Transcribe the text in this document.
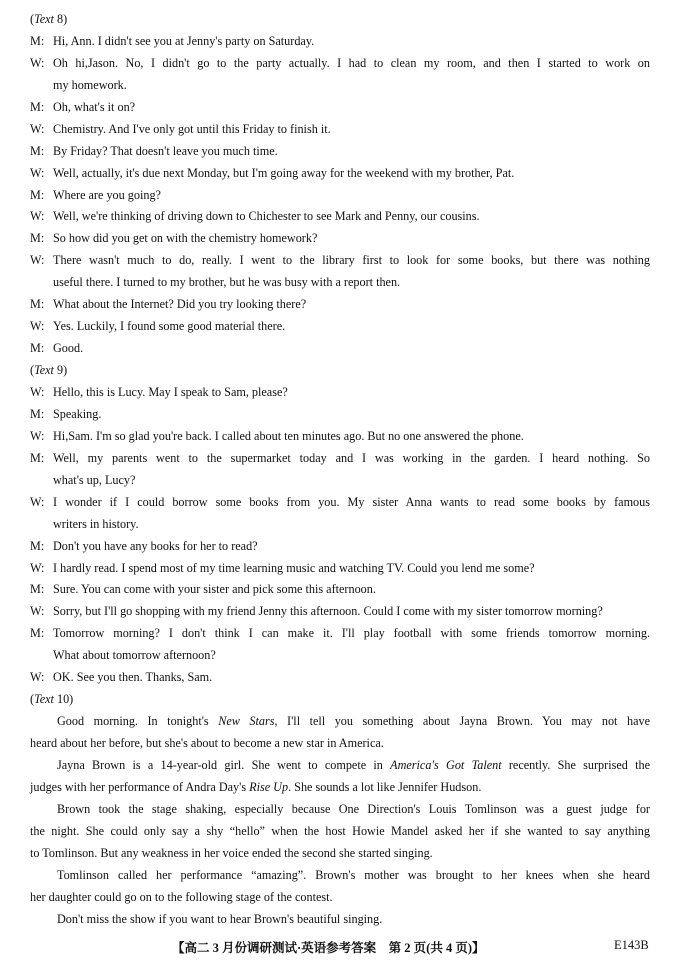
(Text 8)
M: Hi, Ann. I didn't see you at Jenny's party on Saturday.
W: Oh hi,Jason. No, I didn't go to the party actually. I had to clean my room, and then I started to work on
my homework.
M: Oh, what's it on?
W: Chemistry. And I've only got until this Friday to finish it.
M: By Friday? That doesn't leave you much time.
W: Well, actually, it's due next Monday, but I'm going away for the weekend with my brother, Pat.
M: Where are you going?
W: Well, we're thinking of driving down to Chichester to see Mark and Penny, our cousins.
M: So how did you get on with the chemistry homework?
W: There wasn't much to do, really. I went to the library first to look for some books, but there was nothing
useful there. I turned to my brother, but he was busy with a report then.
M: What about the Internet? Did you try looking there?
W: Yes. Luckily, I found some good material there.
M: Good.
(Text 9)
W: Hello, this is Lucy. May I speak to Sam, please?
M: Speaking.
W: Hi,Sam. I'm so glad you're back. I called about ten minutes ago. But no one answered the phone.
M: Well, my parents went to the supermarket today and I was working in the garden. I heard nothing. So
what's up, Lucy?
W: I wonder if I could borrow some books from you. My sister Anna wants to read some books by famous
writers in history.
M: Don't you have any books for her to read?
W: I hardly read. I spend most of my time learning music and watching TV. Could you lend me some?
M: Sure. You can come with your sister and pick some this afternoon.
W: Sorry, but I'll go shopping with my friend Jenny this afternoon. Could I come with my sister tomorrow morning?
M: Tomorrow morning? I don't think I can make it. I'll play football with some friends tomorrow morning.
What about tomorrow afternoon?
W: OK. See you then. Thanks, Sam.
(Text 10)
Good morning. In tonight's New Stars, I'll tell you something about Jayna Brown. You may not have
heard about her before, but she's about to become a new star in America.
Jayna Brown is a 14-year-old girl. She went to compete in America's Got Talent recently. She surprised the
judges with her performance of Andra Day's Rise Up. She sounds a lot like Jennifer Hudson.
Brown took the stage shaking, especially because One Direction's Louis Tomlinson was a guest judge for
the night. She could only say a shy “hello” when the host Howie Mandel asked her if she wanted to say anything
to Tomlinson. But any weakness in her voice ended the second she started singing.
Tomlinson called her performance “amazing”. Brown's mother was brought to her knees when she heard
her daughter could go on to the following stage of the contest.
Don't miss the show if you want to hear Brown's beautiful singing.
【高二 3 月份调研测试·英语参考答案　第 2 页(共 4 页)】	E143B
